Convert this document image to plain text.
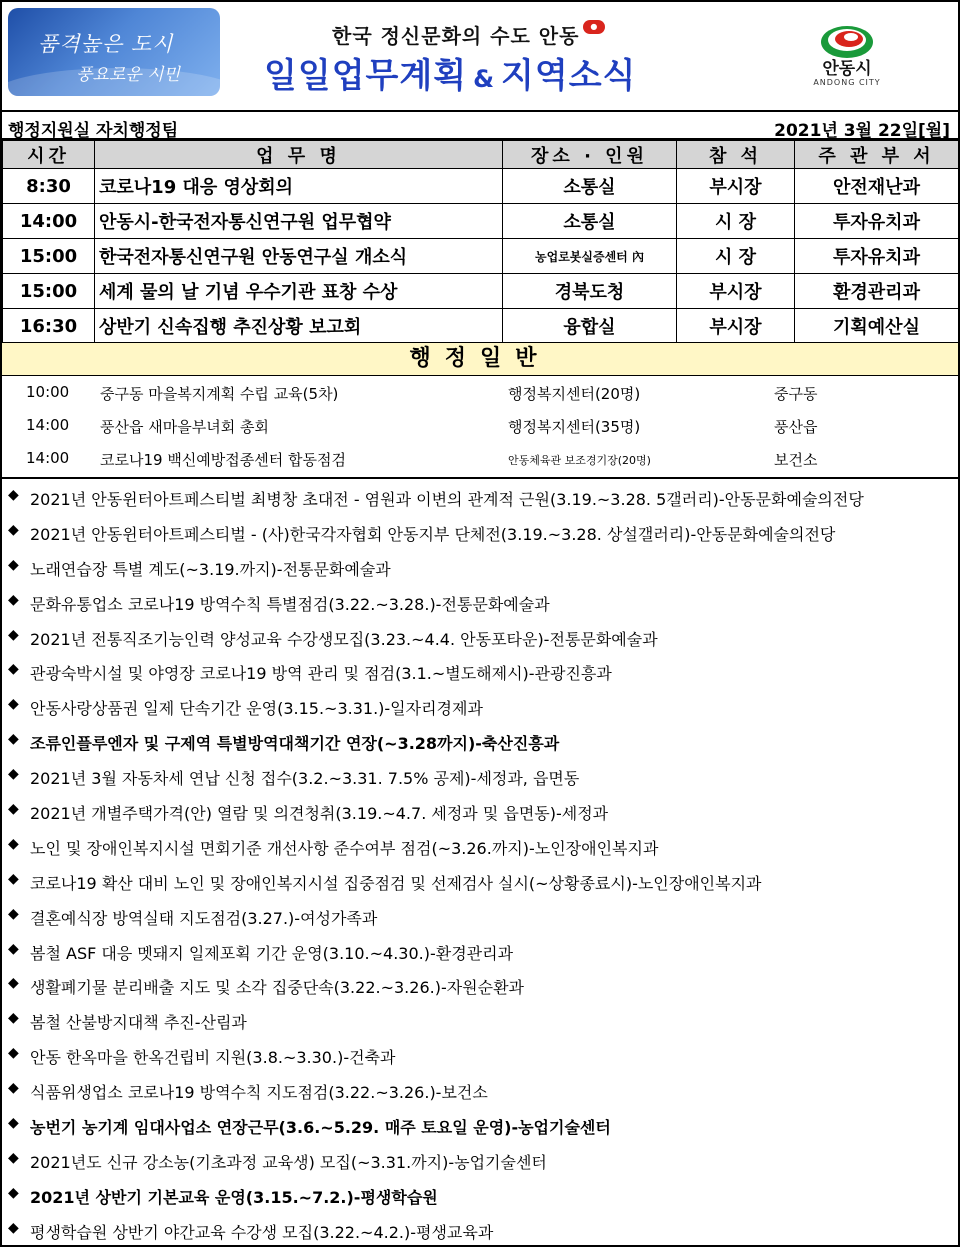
품격높은 도시
풍요로운 시민
한국 정신문화의 수도 안동 ●
일일업무계획 & 지역소식	안동시
ANDONG CITY
행정지원실 자치행정팀	2021년 3월 22일[월]
시간	업 무 명	장소 · 인원	참 석	주 관 부 서
8:30	코로나19 대응 영상회의	소통실	부시장	안전재난과
14:00	안동시-한국전자통신연구원 업무협약	소통실	시 장	투자유치과
15:00	한국전자통신연구원 안동연구실 개소식	농업로봇실증센터 內	시 장	투자유치과
15:00	세계 물의 날 기념 우수기관 표창 수상	경북도청	부시장	환경관리과
16:30	상반기 신속집행 추진상황 보고회	융합실	부시장	기획예산실
행정일반
10:00 중구동 마을복지계획 수립 교육(5차)	행정복지센터(20명)	중구동
14:00 풍산읍 새마을부녀회 총회	행정복지센터(35명)	풍산읍
14:00 코로나19 백신예방접종센터 합동점검	안동체육관 보조경기장(20명)	보건소
◆ 2021년 안동윈터아트페스티벌 최병창 초대전 - 염원과 이변의 관계적 근원(3.19.~3.28. 5갤러리)-안동문화예술의전당
◆ 2021년 안동윈터아트페스티벌 - (사)한국각자협회 안동지부 단체전(3.19.~3.28. 상설갤러리)-안동문화예술의전당
◆ 노래연습장 특별 계도(~3.19.까지)-전통문화예술과
◆ 문화유통업소 코로나19 방역수칙 특별점검(3.22.~3.28.)-전통문화예술과
◆ 2021년 전통직조기능인력 양성교육 수강생모집(3.23.~4.4. 안동포타운)-전통문화예술과
◆ 관광숙박시설 및 야영장 코로나19 방역 관리 및 점검(3.1.~별도해제시)-관광진흥과
◆ 안동사랑상품권 일제 단속기간 운영(3.15.~3.31.)-일자리경제과
◆ 조류인플루엔자 및 구제역 특별방역대책기간 연장(~3.28까지)-축산진흥과
◆ 2021년 3월 자동차세 연납 신청 접수(3.2.~3.31. 7.5% 공제)-세정과, 읍면동
◆ 2021년 개별주택가격(안) 열람 및 의견청취(3.19.~4.7. 세정과 및 읍면동)-세정과
◆ 노인 및 장애인복지시설 면회기준 개선사항 준수여부 점검(~3.26.까지)-노인장애인복지과
◆ 코로나19 확산 대비 노인 및 장애인복지시설 집중점검 및 선제검사 실시(~상황종료시)-노인장애인복지과
◆ 결혼예식장 방역실태 지도점검(3.27.)-여성가족과
◆ 봄철 ASF 대응 멧돼지 일제포획 기간 운영(3.10.~4.30.)-환경관리과
◆ 생활폐기물 분리배출 지도 및 소각 집중단속(3.22.~3.26.)-자원순환과
◆ 봄철 산불방지대책 추진-산림과
◆ 안동 한옥마을 한옥건립비 지원(3.8.~3.30.)-건축과
◆ 식품위생업소 코로나19 방역수칙 지도점검(3.22.~3.26.)-보건소
◆ 농번기 농기계 임대사업소 연장근무(3.6.~5.29. 매주 토요일 운영)-농업기술센터
◆ 2021년도 신규 강소농(기초과정 교육생) 모집(~3.31.까지)-농업기술센터
◆ 2021년 상반기 기본교육 운영(3.15.~7.2.)-평생학습원
◆ 평생학습원 상반기 야간교육 수강생 모집(3.22.~4.2.)-평생교육과
